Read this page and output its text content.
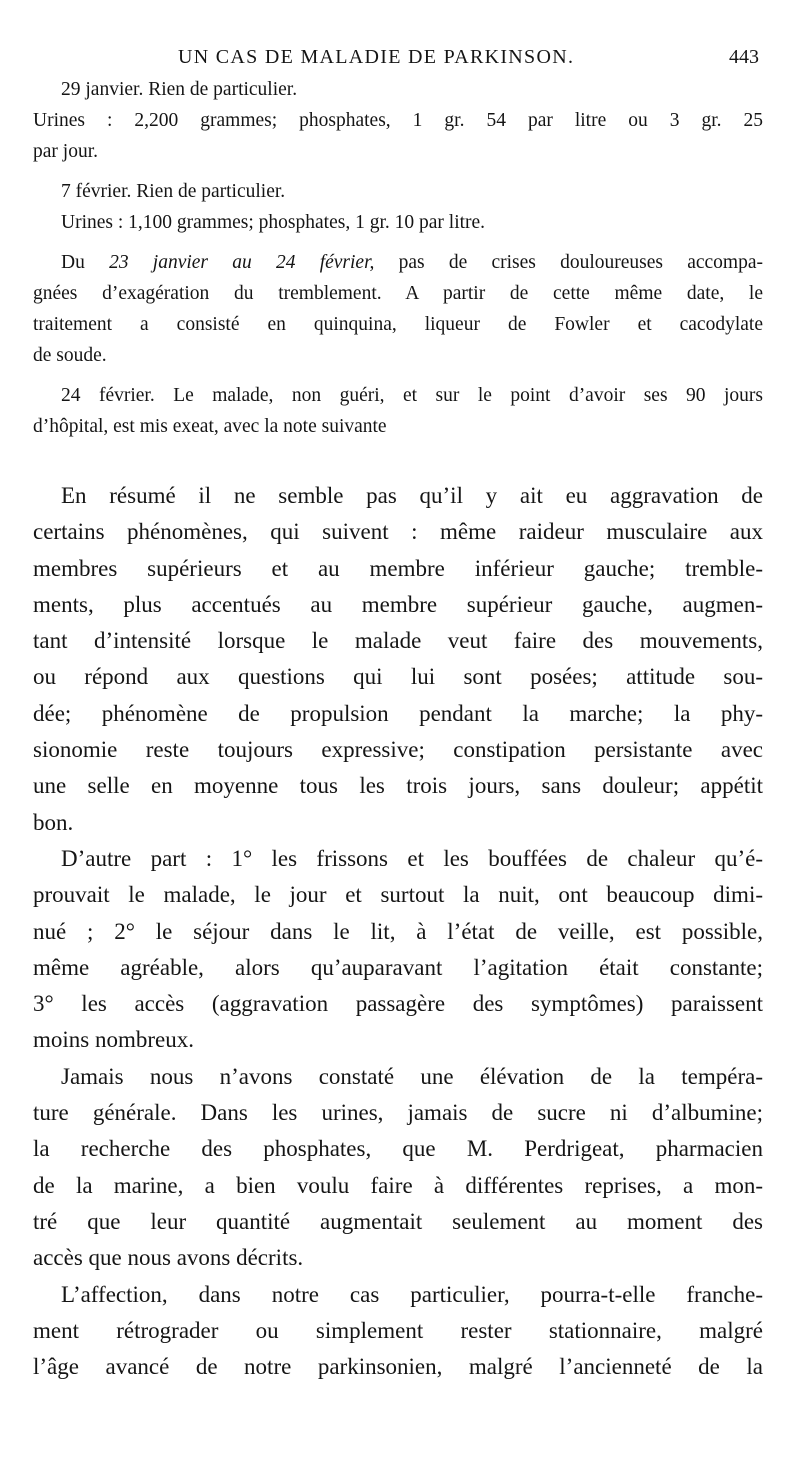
UN CAS DE MALADIE DE PARKINSON.	443
29 janvier. Rien de particulier.
Urines : 2,200 grammes; phosphates, 1 gr. 54 par litre ou 3 gr. 25
par jour.
7 février. Rien de particulier.
Urines : 1,100 grammes; phosphates, 1 gr. 10 par litre.
Du 23 janvier au 24 février, pas de crises douloureuses accompa-
gnées d’exagération du tremblement. A partir de cette même date, le
traitement a consisté en quinquina, liqueur de Fowler et cacodylate
de soude.
24 février. Le malade, non guéri, et sur le point d’avoir ses 90 jours
d’hôpital, est mis exeat, avec la note suivante
En résumé il ne semble pas qu’il y ait eu aggravation de
certains phénomènes, qui suivent : même raideur musculaire aux
membres supérieurs et au membre inférieur gauche; tremble-
ments, plus accentués au membre supérieur gauche, augmen-
tant d’intensité lorsque le malade veut faire des mouvements,
ou répond aux questions qui lui sont posées; attitude sou-
dée; phénomène de propulsion pendant la marche; la phy-
sionomie reste toujours expressive; constipation persistante avec
une selle en moyenne tous les trois jours, sans douleur; appétit
bon.
D’autre part : 1° les frissons et les bouffées de chaleur qu’é-
prouvait le malade, le jour et surtout la nuit, ont beaucoup dimi-
nué ; 2° le séjour dans le lit, à l’état de veille, est possible,
même agréable, alors qu’auparavant l’agitation était constante;
3° les accès (aggravation passagère des symptômes) paraissent
moins nombreux.
Jamais nous n’avons constaté une élévation de la tempéra-
ture générale. Dans les urines, jamais de sucre ni d’albumine;
la recherche des phosphates, que M. Perdrigeat, pharmacien
de la marine, a bien voulu faire à différentes reprises, a mon-
tré que leur quantité augmentait seulement au moment des
accès que nous avons décrits.
L’affection, dans notre cas particulier, pourra-t-elle franche-
ment rétrograder ou simplement rester stationnaire, malgré
l’âge avancé de notre parkinsonien, malgré l’ancienneté de la
